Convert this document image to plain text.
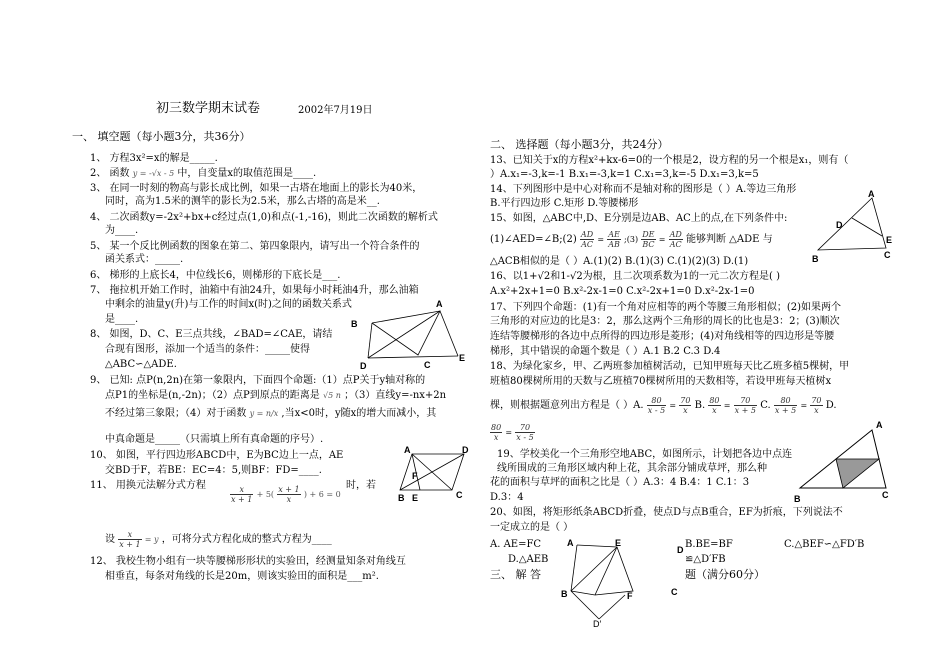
初三数学期末试卷	2002年7月19日
一、 填空题（每小题3分，共36分）
1、 方程3x²=x的解是_____.
2、 函数 y = -√x - 5 中，自变量x的取值范围是____.
3、 在同一时刻的物高与影长成比例，如果一古塔在地面上的影长为40米，
同时，高为1.5米的测竿的影长为2.5米，那么古塔的高是米__.
4、 二次函数y=-2x²+bx+c经过点(1,0)和点(-1,-16)，则此二次函数的解析式
为____.
5、 某一个反比例函数的图象在第二、第四象限内，请写出一个符合条件的
函关系式：_____.
6、 梯形的上底长4，中位线长6，则梯形的下底长是___.
7、 拖拉机开始工作时，油箱中有油24升，如果每小时耗油4升，那么油箱
中剩余的油量y(升)与工作的时间x(时)之间的函数关系式
是____.
8、 如图，D、C、E三点共线，∠BAD=∠CAE，请结
合现有图形，添加一个适当的条件：_____使得
△ABC∽△ADE.
A
B
D	C
E
9、 已知: 点P(n,2n)在第一象限内，下面四个命题:（1）点P关于y轴对称的
点P1的坐标是(n,-2n)；（2）点P到原点的距离是 √5 n ；（3）直线y=-nx+2n
不经过第三象限；（4）对于函数 y = n/x ,当x<0时，y随x的增大而减小，其
中真命题是_____（只需填上所有真命题的序号）.
10、 如图，平行四边形ABCD中，E为BC边上一点，AE
交BD于F，若BE：EC=4：5,则BF：FD=____.
A	D
F
B E	C
11、 用换元法解分式方程	$\frac{x}{x + 1} + 5( \frac{x + 1}{x}$ ) + 6 = 0
时，若
设 $\frac{x}{x + 1} = y$ ，可将分式方程化成的整式方程为____
12、 我校生物小组有一块等腰梯形形状的实验田，经测量知条对角线互
相垂直，每条对角线的长是20m，则该实验田的面积是___m².
二、 选择题（每小题3分，共24分）
13、已知关于x的方程x²+kx-6=0的一个根是2，设方程的另一个根是x₁，则有（
）A.x₁=-3,k=-1 B.x₁=-3,k=1 C.x₁=3,k=-5 D.x₁=3,k=5
14、下列图形中是中心对称而不是轴对称的图形是（ ）A.等边三角形
B.平行四边形 C.矩形 D.等腰梯形
15、如图，△ABC中,D、E分别是边AB、AC上的点,在下列条件中:
(1)∠AED=∠B;(2) $\frac{AD}{AC} = \frac{AE}{AB}$ ;(3) $\frac{DE}{BC} = \frac{AD}{AC}$ 能够判断 △ADE 与
△ACB相似的是（ ）A.(1)(2) B.(1)(3) C.(1)(2)(3) D.(1)
A
D
E
B	C
16、以1+√2和1-√2为根，且二次项系数为1的一元二次方程是( )
A.x²+2x+1=0 B.x²-2x-1=0 C.x²-2x+1=0 D.x²-2x-1=0
17、下列四个命题：(1)有一个角对应相等的两个等腰三角形相似；(2)如果两个
三角形的对应边的比是3：2，那么这两个三角形的周长的比也是3：2；(3)顺次
连结等腰梯形的各边中点所得的四边形是菱形；(4)对角线相等的四边形是等腰
梯形，其中错误的命题个数是（ ）A.1 B.2 C.3 D.4
18、为绿化家乡，甲、乙两班参加植树活动，已知甲班每天比乙班多植5棵树，甲
班植80棵树所用的天数与乙班植70棵树所用的天数相等，若设甲班每天植树x
棵，则根据题意列出方程是（ ）A. $\frac{80}{x - 5} = \frac{70}{x} B$. $\frac{80}{x} = \frac{70}{x + 5} C$. $\frac{80}{x + 5} = \frac{70}{x} D$.
$\frac{80}{x} = \frac{70}{x - 5}$
19、学校美化一个三角形空地ABC，如图所示，计划把各边中点连
线所围成的三角形区域内种上花，其余部分铺成草坪，那么种
花的面积与草坪的面积之比是（ ）A.3：4 B.4：1 C.1：3
D.3：4
A
B	C
20、如图，将矩形纸条ABCD折叠，使点D与点B重合，EF为折痕，下列说法不
一定成立的是（ ）
A. AE=FC	B.BE=BF	C.△BEF∽△FD′B
D.△AEB	≌△D′FB
A	E
D
B	F	C
D′
三、 解 答	题（满分60分）
